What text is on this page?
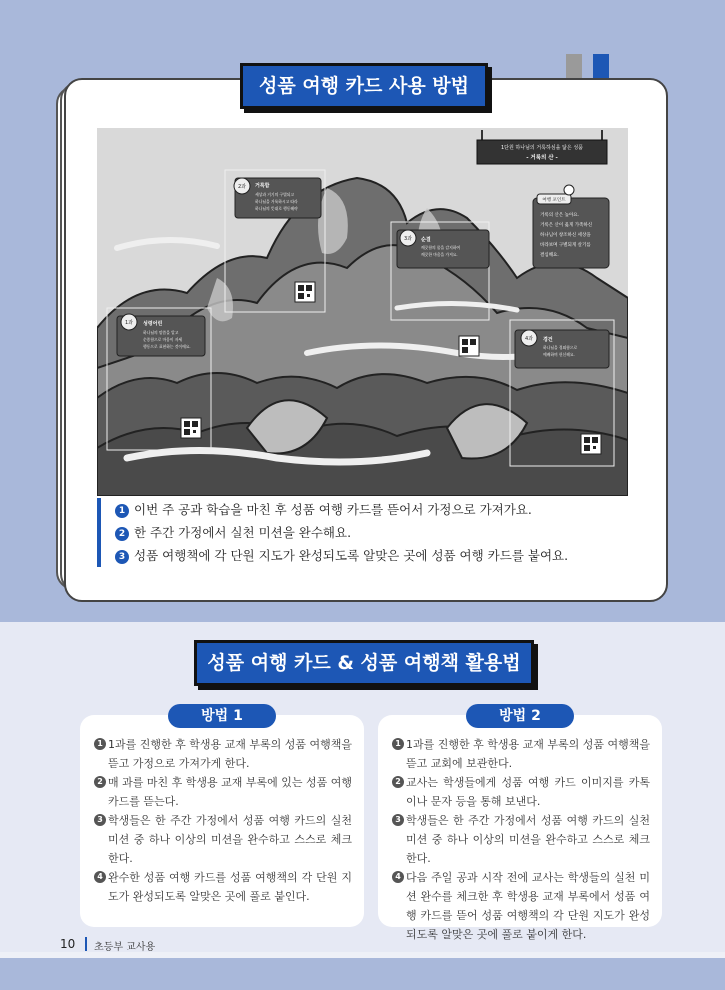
성품 여행 카드 사용 방법
1단원 하나님의 거룩하심을 닮은 성품
- 거룩의 산 -
여행 포인트
거룩의 산은 높아요.
거룩은 산이 옳게 가족하신
하나님이 창조하신 세상을
바라보며 구별되게 살기를
결심해요.
2과 거룩함
세상과 거기의 구별되고
하나님을 거룩하시고 따라
하나님의 뜻대로 행동해야
3과 순결
깨끗함의 몸을 감지하여
깨끗한 마음을 가져요.
1과 성령어린
하나님의 말씀을 알고
순종함으로 마음이 자세
행동으로 표현하는 것이에요.
4과 경건
하나님을 경외함으로
예배하며 헌신해요.
1 이번 주 공과 학습을 마친 후 성품 여행 카드를 뜯어서 가정으로 가져가요.
2 한 주간 가정에서 실천 미션을 완수해요.
3 성품 여행책에 각 단원 지도가 완성되도록 알맞은 곳에 성품 여행 카드를 붙여요.
성품 여행 카드 & 성품 여행책 활용법
1 1과를 진행한 후 학생용 교재 부록의 성품 여행책을 뜯고 가정으로 가져가게 한다.
2 매 과를 마친 후 학생용 교재 부록에 있는 성품 여행 카드를 뜯는다.
3 학생들은 한 주간 가정에서 성품 여행 카드의 실천 미션 중 하나 이상의 미션을 완수하고 스스로 체크한다.
4 완수한 성품 여행 카드를 성품 여행책의 각 단원 지도가 완성되도록 알맞은 곳에 풀로 붙인다.
방법 1
1 1과를 진행한 후 학생용 교재 부록의 성품 여행책을 뜯고 교회에 보관한다.
2 교사는 학생들에게 성품 여행 카드 이미지를 카톡이나 문자 등을 통해 보낸다.
3 학생들은 한 주간 가정에서 성품 여행 카드의 실천 미션 중 하나 이상의 미션을 완수하고 스스로 체크한다.
4 다음 주일 공과 시작 전에 교사는 학생들의 실천 미션 완수를 체크한 후 학생용 교재 부록에서 성품 여행 카드를 뜯어 성품 여행책의 각 단원 지도가 완성되도록 알맞은 곳에 풀로 붙이게 한다.
방법 2
10 초등부 교사용
